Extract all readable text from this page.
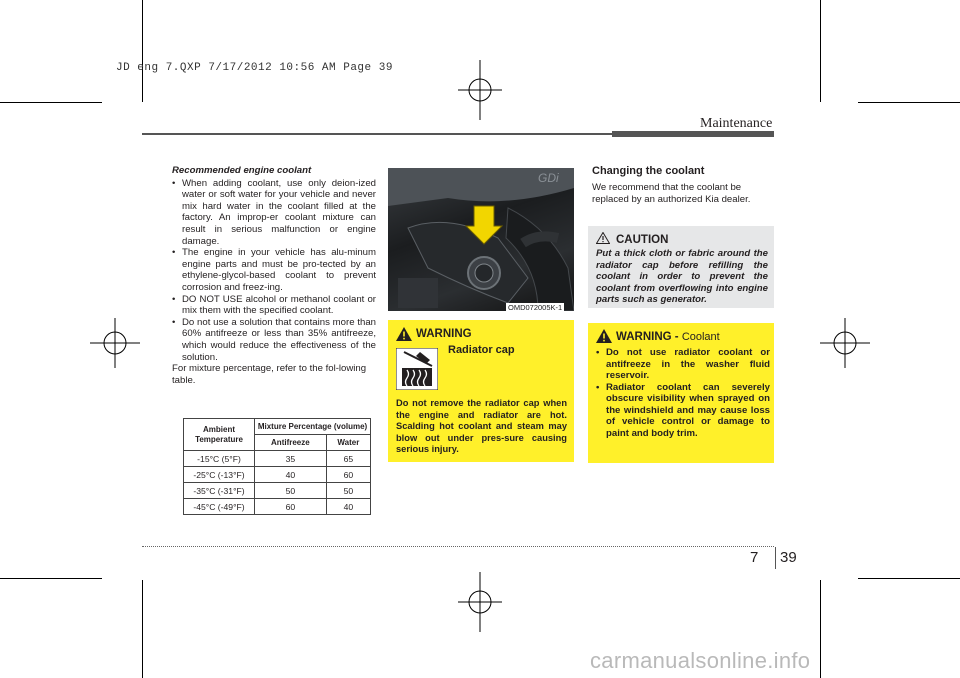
JD eng 7.QXP 7/17/2012 10:56 AM Page 39
Maintenance
Recommended engine coolant

• When adding coolant, use only deion-ized water or soft water for your vehicle and never mix hard water in the coolant filled at the factory. An improp-er coolant mixture can result in serious malfunction or engine damage.

• The engine in your vehicle has alu-minum engine parts and must be pro-tected by an ethylene-glycol-based coolant to prevent corrosion and freez-ing.

• DO NOT USE alcohol or methanol coolant or mix them with the specified coolant.

• Do not use a solution that contains more than 60% antifreeze or less than 35% antifreeze, which would reduce the effectiveness of the solution.

For mixture percentage, refer to the fol-lowing table.
Ambient Temperature	Mixture Percentage (volume)	
	Antifreeze	Water
-15°C (5°F)	35	65
-25°C (-13°F)	40	60
-35°C (-31°F)	50	50
-45°C (-49°F)	60	40
GDi
OMD072005K-1
WARNING
Radiator cap
Do not remove the radiator cap when the engine and radiator are hot. Scalding hot coolant and steam may blow out under pres-sure causing serious injury.
Changing the coolant
We recommend that the coolant be replaced by an authorized Kia dealer.
CAUTION
Put a thick cloth or fabric around the radiator cap before refilling the coolant in order to prevent the coolant from overflowing into engine parts such as generator.
WARNING - Coolant

• Do not use radiator coolant or antifreeze in the washer fluid reservoir.

• Radiator coolant can severely obscure visibility when sprayed on the windshield and may cause loss of vehicle control or damage to paint and body trim.

7 39
carmanualsonline.info
